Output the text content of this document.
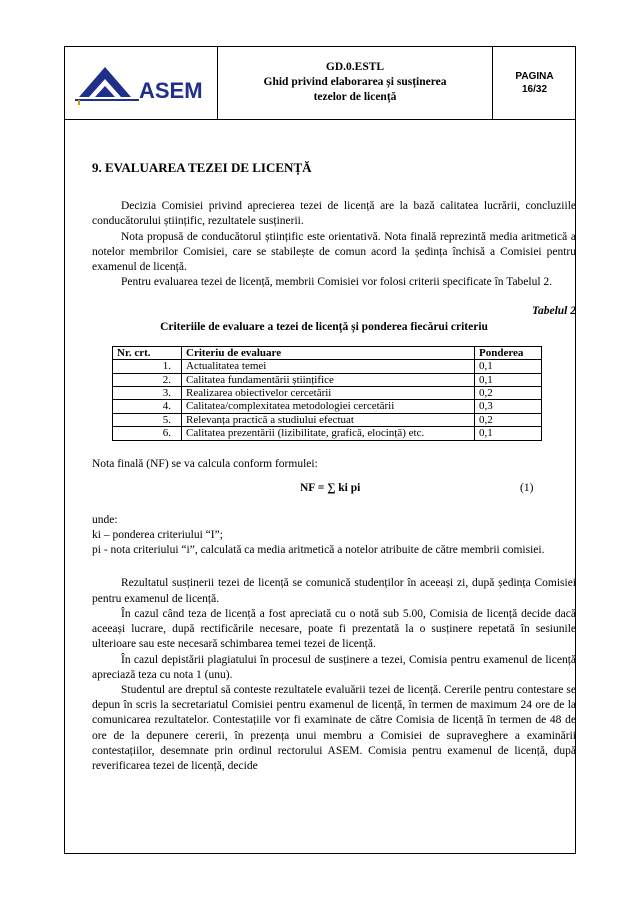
ASEM
GD.0.ESTL
Ghid privind elaborarea și susținerea
tezelor de licență
PAGINA
16/32
9. EVALUAREA TEZEI DE LICENȚĂ

Decizia Comisiei privind aprecierea tezei de licență are la bază calitatea lucrării, concluziile conducătorului științific, rezultatele susținerii.

Nota propusă de conducătorul științific este orientativă. Nota finală reprezintă media aritmetică a notelor membrilor Comisiei, care se stabilește de comun acord la ședința închisă a Comisiei pentru examenul de licență.

Pentru evaluarea tezei de licență, membrii Comisiei vor folosi criterii specificate în Tabelul 2.

Tabelul 2
Criteriile de evaluare a tezei de licență și ponderea fiecărui criteriu
Nr. crt.	Criteriu de evaluare	Ponderea
1.	Actualitatea temei	0,1
2.	Calitatea fundamentării științifice	0,1
3.	Realizarea obiectivelor cercetării	0,2
4.	Calitatea/complexitatea metodologiei cercetării	0,3
5.	Relevanța practică a studiului efectuat	0,2
6.	Calitatea prezentării (lizibilitate, grafică, elocință) etc.	0,1

Nota finală (NF) se va calcula conform formulei:

NF = ∑ ki pi	(1)

unde:

ki – ponderea criteriului “I”;

pi - nota criteriului “i”, calculată ca media aritmetică a notelor atribuite de către membrii comisiei.

Rezultatul susținerii tezei de licență se comunică studenților în aceeași zi, după ședința Comisiei pentru examenul de licență.

În cazul când teza de licență a fost apreciată cu o notă sub 5.00, Comisia de licență decide dacă aceeași lucrare, după rectificările necesare, poate fi prezentată la o susținere repetată în sesiunile ulterioare sau este necesară schimbarea temei tezei de licență.

În cazul depistării plagiatului în procesul de susținere a tezei, Comisia pentru examenul de licență apreciază teza cu nota 1 (unu).

Studentul are dreptul să conteste rezultatele evaluării tezei de licență. Cererile pentru contestare se depun în scris la secretariatul Comisiei pentru examenul de licență, în termen de maximum 24 ore de la comunicarea rezultatelor. Contestațiile vor fi examinate de către Comisia de licență în termen de 48 de ore de la depunere cererii, în prezența unui membru a Comisiei de supraveghere a examinării contestațiilor, desemnate prin ordinul rectorului ASEM. Comisia pentru examenul de licență, după reverificarea tezei de licență, decide
